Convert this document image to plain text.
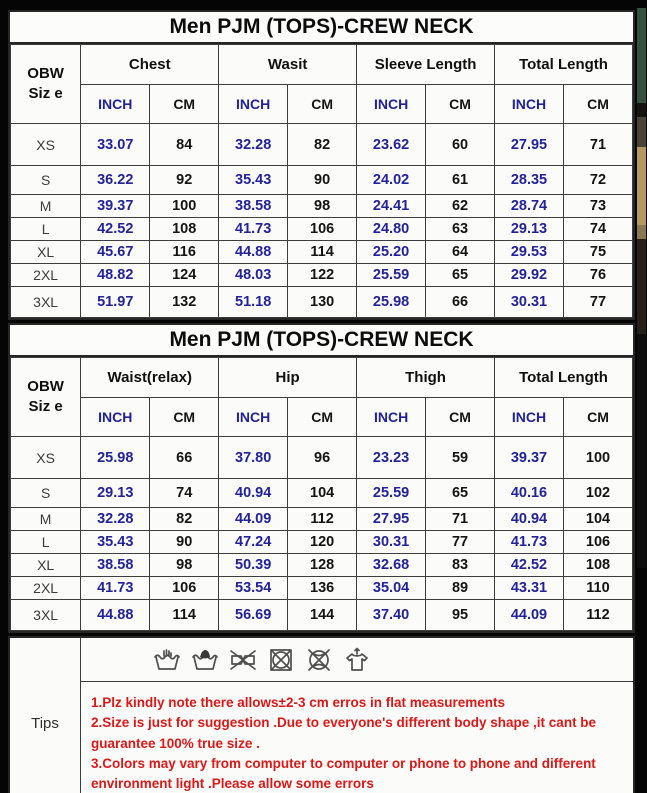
Men PJM (TOPS)-CREW NECK
OBW
Siz e	Chest		Wasit		Sleeve Length		Total Length	
	INCH	CM	INCH	CM	INCH	CM	INCH	CM
XS	33.07	84	32.28	82	23.62	60	27.95	71
S	36.22	92	35.43	90	24.02	61	28.35	72
M	39.37	100	38.58	98	24.41	62	28.74	73
L	42.52	108	41.73	106	24.80	63	29.13	74
XL	45.67	116	44.88	114	25.20	64	29.53	75
2XL	48.82	124	48.03	122	25.59	65	29.92	76
3XL	51.97	132	51.18	130	25.98	66	30.31	77
Men PJM (TOPS)-CREW NECK
OBW
Siz e	Waist(relax)		Hip		Thigh		Total Length	
	INCH	CM	INCH	CM	INCH	CM	INCH	CM
XS	25.98	66	37.80	96	23.23	59	39.37	100
S	29.13	74	40.94	104	25.59	65	40.16	102
M	32.28	82	44.09	112	27.95	71	40.94	104
L	35.43	90	47.24	120	30.31	77	41.73	106
XL	38.58	98	50.39	128	32.68	83	42.52	108
2XL	41.73	106	53.54	136	35.04	89	43.31	110
3XL	44.88	114	56.69	144	37.40	95	44.09	112
Tips

1.Plz kindly note there allows±2-3 cm erros in flat measurements

2.Size is just for suggestion .Due to everyone's different body shape ,it cant be guarantee 100% true size .

3.Colors may vary from computer to computer or phone to phone and different environment light .Please allow some errors
